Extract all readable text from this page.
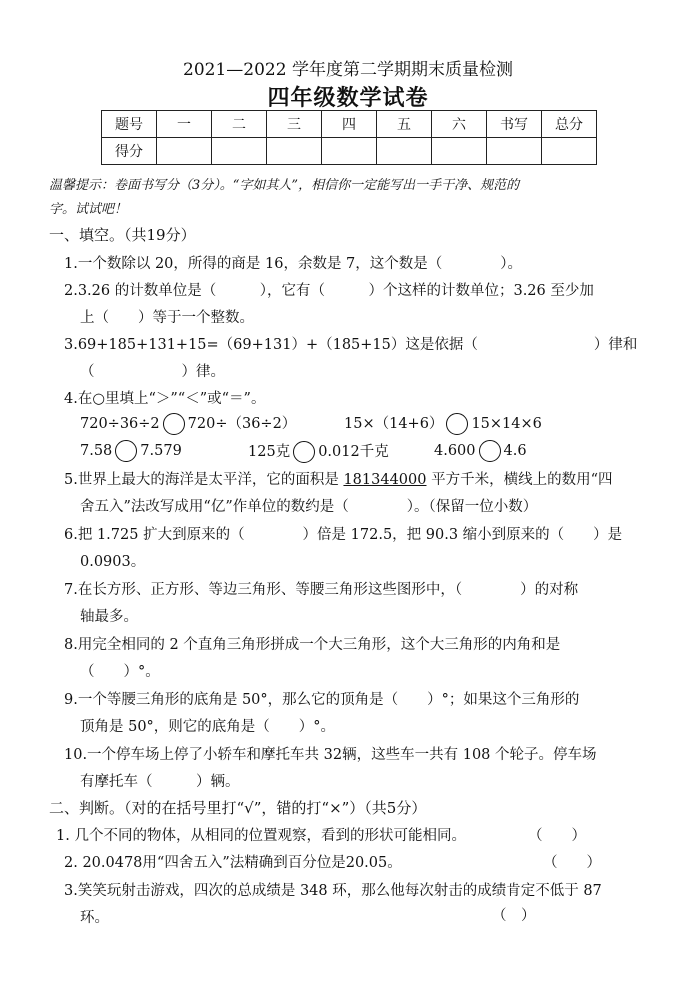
2021—2022 学年度第二学期期末质量检测
四年级数学试卷
题号	一	二	三	四	五	六	书写	总分
得分								
温馨提示：卷面书写分（3分）。“字如其人”，相信你一定能写出一手干净、规范的
字。试试吧！
一、填空。（共19分）
1.一个数除以 20，所得的商是 16，余数是 7，这个数是（　　　　）。
2.3.26 的计数单位是（　　　），它有（　　　）个这样的计数单位；3.26 至少加
上（　　）等于一个整数。
3.69+185+131+15=（69+131）+（185+15）这是依据（　　　　　　　　）律和
（　　　　　　）律。
4.在○里填上“＞”“＜”或“＝”。
720÷36÷2 720÷（36÷2）	15×（14+6） 15×14×6
7.58 7.579	125克 0.012千克	4.600 4.6
5.世界上最大的海洋是太平洋，它的面积是 181344000 平方千米，横线上的数用“四
舍五入”法改写成用“亿”作单位的数约是（　　　　）。（保留一位小数）
6.把 1.725 扩大到原来的（　　　　）倍是 172.5，把 90.3 缩小到原来的（　　）是
0.0903。
7.在长方形、正方形、等边三角形、等腰三角形这些图形中，（　　　　）的对称
轴最多。
8.用完全相同的 2 个直角三角形拼成一个大三角形，这个大三角形的内角和是
（　　）°。
9.一个等腰三角形的底角是 50°，那么它的顶角是（　　）°；如果这个三角形的
顶角是 50°，则它的底角是（　　）°。
10.一个停车场上停了小轿车和摩托车共 32辆，这些车一共有 108 个轮子。停车场
有摩托车（　　　）辆。
二、判断。（对的在括号里打“√”，错的打“×”）（共5分）
1. 几个不同的物体，从相同的位置观察，看到的形状可能相同。	（　　）
2. 20.0478用“四舍五入”法精确到百分位是20.05。	（　　）
3.笑笑玩射击游戏，四次的总成绩是 348 环，那么他每次射击的成绩肯定不低于 87
环。	（　）
